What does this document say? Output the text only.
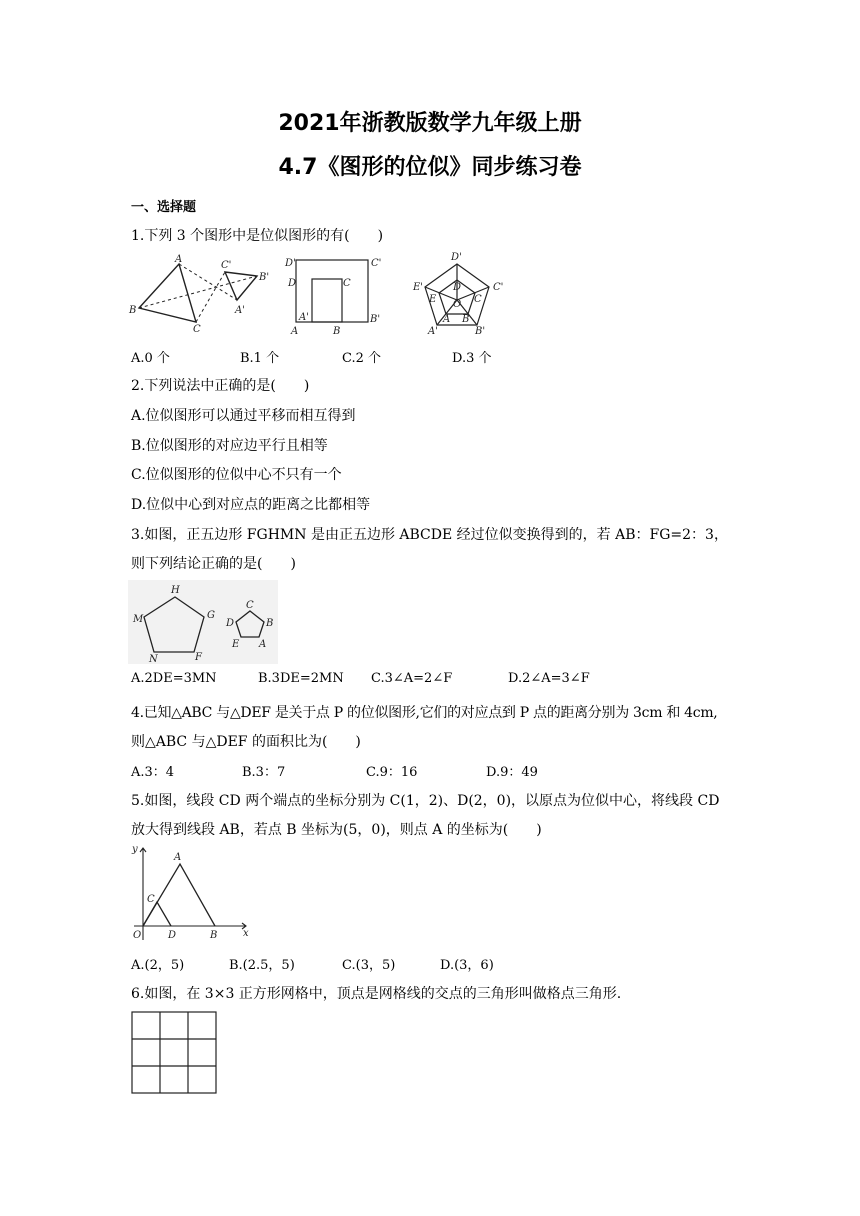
2021年浙教版数学九年级上册
4.7《图形的位似》同步练习卷
一、选择题
1.下列 3 个图形中是位似图形的有(　　)
A
B
C
C'
B'
A'
D'	C'
D	C
A'
A	B
B'
D'
E'	C'
E
D
O C
A B
A'	B'
A.0 个	B.1 个	C.2 个	D.3 个
2.下列说法中正确的是(　　)
A.位似图形可以通过平移而相互得到
B.位似图形的对应边平行且相等
C.位似图形的位似中心不只有一个
D.位似中心到对应点的距离之比都相等
3.如图，正五边形 FGHMN 是由正五边形 ABCDE 经过位似变换得到的，若 AB：FG=2：3，
则下列结论正确的是(　　)
H
M	G
N	F
C
D	B
E A
A.2DE=3MN	B.3DE=2MN C.3∠A=2∠F	D.2∠A=3∠F
4.已知△ABC 与△DEF 是关于点 P 的位似图形,它们的对应点到 P 点的距离分别为 3cm 和 4cm,
则△ABC 与△DEF 的面积比为(　　)
A.3：4	B.3：7	C.9：16	D.9：49
5.如图，线段 CD 两个端点的坐标分别为 C(1，2)、D(2，0)，以原点为位似中心，将线段 CD
放大得到线段 AB，若点 B 坐标为(5，0)，则点 A 的坐标为(　　)
y
A
C
O	D	B	x
A.(2，5)	B.(2.5，5)	C.(3，5)	D.(3，6)
6.如图，在 3×3 正方形网格中，顶点是网格线的交点的三角形叫做格点三角形.
